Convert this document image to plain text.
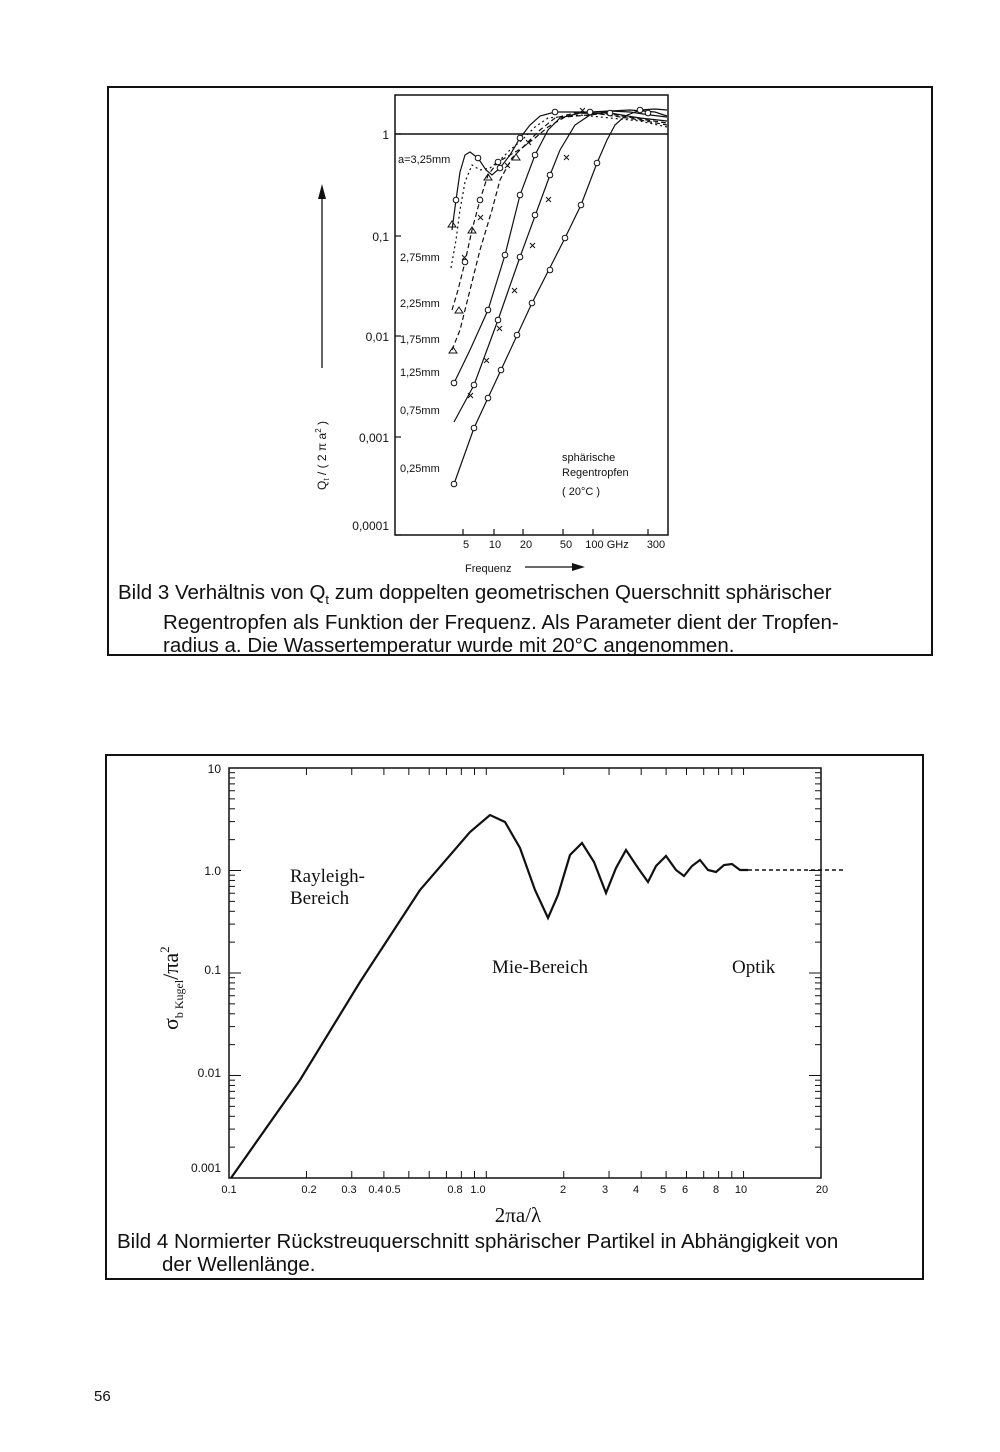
1
0,1
0,01
0,001
0,0001
5 10 20	50 100 GHz 300
Frequenz
$Q_t$ / ( 2 π $a^2$ )
a=3,25mm
2,75mm
2,25mm
1,75mm
1,25mm
0,75mm
0,25mm
sphärische
Regentropfen
( 20°C )
Bild 3 Verhältnis von $Q_t$ zum doppelten geometrischen Querschnitt sphärischer
Regentropfen als Funktion der Frequenz. Als Parameter dient der Tropfen-
radius a. Die Wassertemperatur wurde mit 20°C angenommen.
10
1.0
0.1
0.01
0.001
0.1	0.2 0.3 0.4 0.5	0.8 1.0	2	3 4 5 6 8 10	20
2πa/λ
$\sigma_{b Kugel}/\pi a^2$
Rayleigh-
Bereich
Mie-Bereich	Optik
Bild 4 Normierter Rückstreuquerschnitt sphärischer Partikel in Abhängigkeit von
der Wellenlänge.
56
